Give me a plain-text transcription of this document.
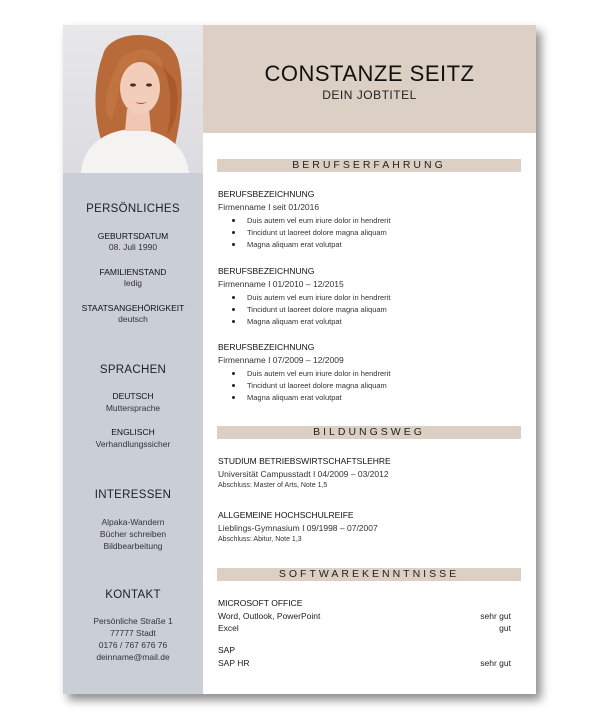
PERSÖNLICHES
GEBURTSDATUM
08. Juli 1990
FAMILIENSTAND
ledig
STAATSANGEHÖRIGKEIT
deutsch
SPRACHEN
DEUTSCH
Muttersprache
ENGLISCH
Verhandlungssicher
INTERESSEN
Alpaka-Wandern
Bücher schreiben
Bildbearbeitung
KONTAKT
Persönliche Straße 1
77777 Stadt
0176 / 767 676 76
deinname@mail.de
CONSTANZE SEITZ
DEIN JOBTITEL
BERUFSERFAHRUNG
BERUFSBEZEICHNUNG
Firmenname I seit 01/2016
Duis autem vel eum iriure dolor in hendrerit
Tincidunt ut laoreet dolore magna aliquam
Magna aliquam erat volutpat
BERUFSBEZEICHNUNG
Firmenname I 01/2010 – 12/2015
Duis autem vel eum iriure dolor in hendrerit
Tincidunt ut laoreet dolore magna aliquam
Magna aliquam erat volutpat
BERUFSBEZEICHNUNG
Firmenname I 07/2009 – 12/2009
Duis autem vel eum iriure dolor in hendrerit
Tincidunt ut laoreet dolore magna aliquam
Magna aliquam erat volutpat
BILDUNGSWEG
STUDIUM BETRIEBSWIRTSCHAFTSLEHRE
Universität Campusstadt I 04/2009 – 03/2012
Abschluss: Master of Arts, Note 1,5
ALLGEMEINE HOCHSCHULREIFE
Lieblings-Gymnasium I 09/1998 – 07/2007
Abschluss: Abitur, Note 1,3
SOFTWAREKENNTNISSE
MICROSOFT OFFICE
Word, Outlook, PowerPoint	sehr gut
Excel	gut
SAP
SAP HR	sehr gut
